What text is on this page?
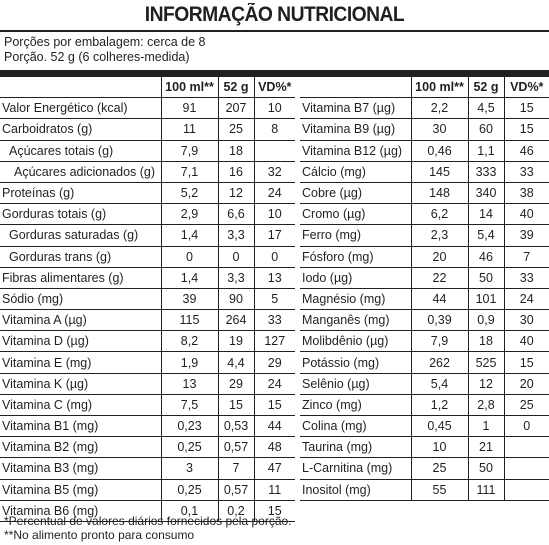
INFORMAÇÃO NUTRICIONAL
Porções por embalagem: cerca de 8
Porção. 52 g (6 colheres-medida)
	100 ml**	52 g	VD%*
Valor Energético (kcal)	91	207	10
Carboidratos (g)	11	25	8
Açúcares totais (g)	7,9	18	
Açúcares adicionados (g)	7,1	16	32
Proteínas (g)	5,2	12	24
Gorduras totais (g)	2,9	6,6	10
Gorduras saturadas (g)	1,4	3,3	17
Gorduras trans (g)	0	0	0
Fibras alimentares (g)	1,4	3,3	13
Sódio (mg)	39	90	5
Vitamina A (µg)	115	264	33
Vitamina D (µg)	8,2	19	127
Vitamina E (mg)	1,9	4,4	29
Vitamina K (µg)	13	29	24
Vitamina C (mg)	7,5	15	15
Vitamina B1 (mg)	0,23	0,53	44
Vitamina B2 (mg)	0,25	0,57	48
Vitamina B3 (mg)	3	7	47
Vitamina B5 (mg)	0,25	0,57	11
Vitamina B6 (mg)	0,1	0,2	15
	100 ml**	52 g	VD%*
Vitamina B7 (µg)	2,2	4,5	15
Vitamina B9 (µg)	30	60	15
Vitamina B12 (µg)	0,46	1,1	46
Cálcio (mg)	145	333	33
Cobre (µg)	148	340	38
Cromo (µg)	6,2	14	40
Ferro (mg)	2,3	5,4	39
Fósforo (mg)	20	46	7
Iodo (µg)	22	50	33
Magnésio (mg)	44	101	24
Manganês (mg)	0,39	0,9	30
Molibdênio (µg)	7,9	18	40
Potássio (mg)	262	525	15
Selênio (µg)	5,4	12	20
Zinco (mg)	1,2	2,8	25
Colina (mg)	0,45	1	0
Taurina (mg)	10	21	
L-Carnitina (mg)	25	50	
Inositol (mg)	55	111	
*Percentual de valores diários fornecidos pela porção.
**No alimento pronto para consumo
